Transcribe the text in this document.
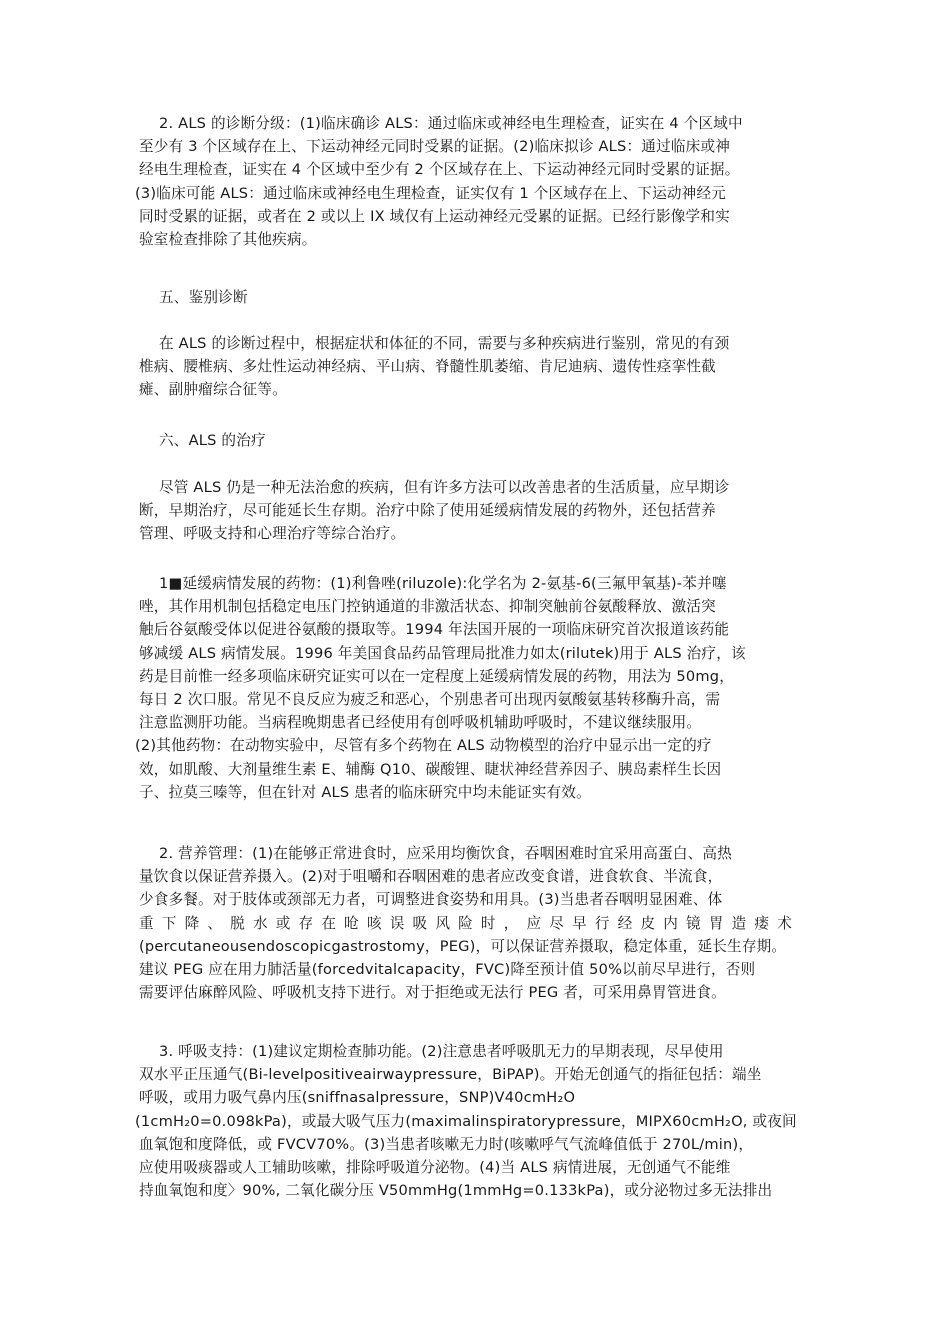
2. ALS 的诊断分级：(1)临床确诊 ALS：通过临床或神经电生理检查，证实在 4 个区域中
至少有 3 个区域存在上、下运动神经元同时受累的证据。(2)临床拟诊 ALS：通过临床或神
经电生理检查，证实在 4 个区域中至少有 2 个区域存在上、下运动神经元同时受累的证据。
(3)临床可能 ALS：通过临床或神经电生理检查，证实仅有 1 个区域存在上、下运动神经元
同时受累的证据，或者在 2 或以上 IX 域仅有上运动神经元受累的证据。已经行影像学和实
验室检查排除了其他疾病。

五、鉴别诊断

在 ALS 的诊断过程中，根据症状和体征的不同，需要与多种疾病进行鉴别，常见的有颈
椎病、腰椎病、多灶性运动神经病、平山病、脊髓性肌萎缩、肯尼迪病、遗传性痉挛性截
瘫、副肿瘤综合征等。

六、ALS 的治疗

尽管 ALS 仍是一种无法治愈的疾病，但有许多方法可以改善患者的生活质量，应早期诊
断，早期治疗，尽可能延长生存期。治疗中除了使用延缓病情发展的药物外，还包括营养
管理、呼吸支持和心理治疗等综合治疗。

1■延缓病情发展的药物：(1)利鲁唑(riluzole):化学名为 2-氨基-6(三氟甲氧基)-苯并噻
唑，其作用机制包括稳定电压门控钠通道的非激活状态、抑制突触前谷氨酸释放、激活突
触后谷氨酸受体以促进谷氨酸的摄取等。1994 年法国开展的一项临床研究首次报道该药能
够减缓 ALS 病情发展。1996 年美国食品药品管理局批准力如太(rilutek)用于 ALS 治疗，该
药是目前惟一经多项临床研究证实可以在一定程度上延缓病情发展的药物，用法为 50mg，
每日 2 次口服。常见不良反应为疲乏和恶心，个别患者可出现丙氨酸氨基转移酶升高，需
注意监测肝功能。当病程晚期患者已经使用有创呼吸机辅助呼吸时，不建议继续服用。
(2)其他药物：在动物实验中，尽管有多个药物在 ALS 动物模型的治疗中显示出一定的疗
效，如肌酸、大剂量维生素 E、辅酶 Q10、碳酸锂、睫状神经营养因子、胰岛素样生长因
子、拉莫三嗪等，但在针对 ALS 患者的临床研究中均未能证实有效。

2. 营养管理：(1)在能够正常进食时，应采用均衡饮食，吞咽困难时宜采用高蛋白、高热
量饮食以保证营养摄入。(2)对于咀嚼和吞咽困难的患者应改变食谱，进食软食、半流食，
少食多餐。对于肢体或颈部无力者，可调整进食姿势和用具。(3)当患者吞咽明显困难、体
重下降、脱水或存在呛咳误吸风险时，应尽早行经皮内镜胃造瘘术
(percutaneousendoscopicgastrostomy，PEG)，可以保证营养摄取，稳定体重，延长生存期。
建议 PEG 应在用力肺活量(forcedvitalcapacity，FVC)降至预计值 50%以前尽早进行，否则
需要评估麻醉风险、呼吸机支持下进行。对于拒绝或无法行 PEG 者，可采用鼻胃管进食。

3. 呼吸支持：(1)建议定期检查肺功能。(2)注意患者呼吸肌无力的早期表现，尽早使用
双水平正压通气(Bi-levelpositiveairwaypressure，BiPAP)。开始无创通气的指征包括：端坐
呼吸，或用力吸气鼻内压(sniffnasalpressure，SNP)V40cmH₂O
(1cmH₂0=0.098kPa)，或最大吸气压力(maximalinspiratorypressure，MIPX60cmH₂O, 或夜间
血氧饱和度降低，或 FVCV70%。(3)当患者咳嗽无力时(咳嗽呼气气流峰值低于 270L/min)，
应使用吸痰器或人工辅助咳嗽，排除呼吸道分泌物。(4)当 ALS 病情进展，无创通气不能维
持血氧饱和度〉90%, 二氧化碳分压 V50mmHg(1mmHg=0.133kPa)，或分泌物过多无法排出
